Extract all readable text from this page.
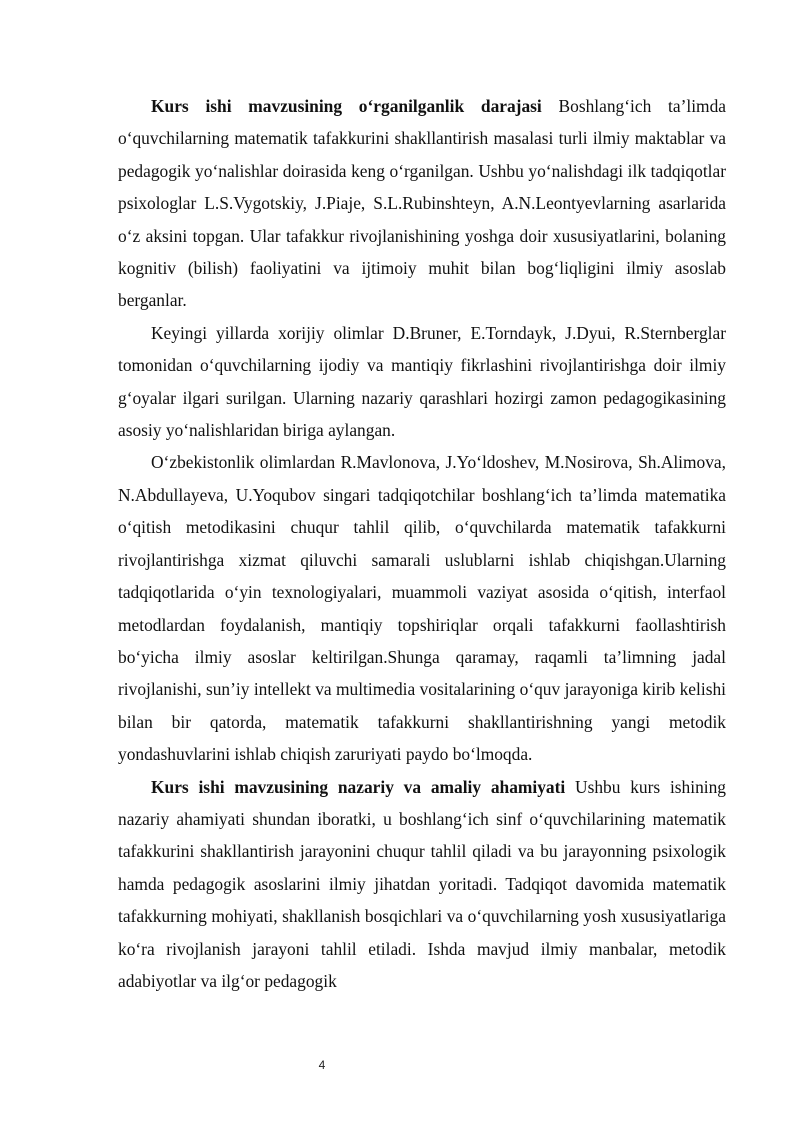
Kurs ishi mavzusining o‘rganilganlik darajasi Boshlang‘ich ta’limda o‘quvchilarning matematik tafakkurini shakllantirish masalasi turli ilmiy maktablar va pedagogik yo‘nalishlar doirasida keng o‘rganilgan. Ushbu yo‘nalishdagi ilk tadqiqotlar psixologlar L.S.Vygotskiy, J.Piaje, S.L.Rubinshteyn, A.N.Leontyevlarning asarlarida o‘z aksini topgan. Ular tafakkur rivojlanishining yoshga doir xususiyatlarini, bolaning kognitiv (bilish) faoliyatini va ijtimoiy muhit bilan bog‘liqligini ilmiy asoslab berganlar.

Keyingi yillarda xorijiy olimlar D.Bruner, E.Torndayk, J.Dyui, R.Sternberglar tomonidan o‘quvchilarning ijodiy va mantiqiy fikrlashini rivojlantirishga doir ilmiy g‘oyalar ilgari surilgan. Ularning nazariy qarashlari hozirgi zamon pedagogikasining asosiy yo‘nalishlaridan biriga aylangan.

O‘zbekistonlik olimlardan R.Mavlonova, J.Yo‘ldoshev, M.Nosirova, Sh.Alimova, N.Abdullayeva, U.Yoqubov singari tadqiqotchilar boshlang‘ich ta’limda matematika o‘qitish metodikasini chuqur tahlil qilib, o‘quvchilarda matematik tafakkurni rivojlantirishga xizmat qiluvchi samarali uslublarni ishlab chiqishgan.Ularning tadqiqotlarida o‘yin texnologiyalari, muammoli vaziyat asosida o‘qitish, interfaol metodlardan foydalanish, mantiqiy topshiriqlar orqali tafakkurni faollashtirish bo‘yicha ilmiy asoslar keltirilgan.Shunga qaramay, raqamli ta’limning jadal rivojlanishi, sun’iy intellekt va multimedia vositalarining o‘quv jarayoniga kirib kelishi bilan bir qatorda, matematik tafakkurni shakllantirishning yangi metodik yondashuvlarini ishlab chiqish zaruriyati paydo bo‘lmoqda.

Kurs ishi mavzusining nazariy va amaliy ahamiyati Ushbu kurs ishining nazariy ahamiyati shundan iboratki, u boshlang‘ich sinf o‘quvchilarining matematik tafakkurini shakllantirish jarayonini chuqur tahlil qiladi va bu jarayonning psixologik hamda pedagogik asoslarini ilmiy jihatdan yoritadi. Tadqiqot davomida matematik tafakkurning mohiyati, shakllanish bosqichlari va o‘quvchilarning yosh xususiyatlariga ko‘ra rivojlanish jarayoni tahlil etiladi. Ishda mavjud ilmiy manbalar, metodik adabiyotlar va ilg‘or pedagogik

4
